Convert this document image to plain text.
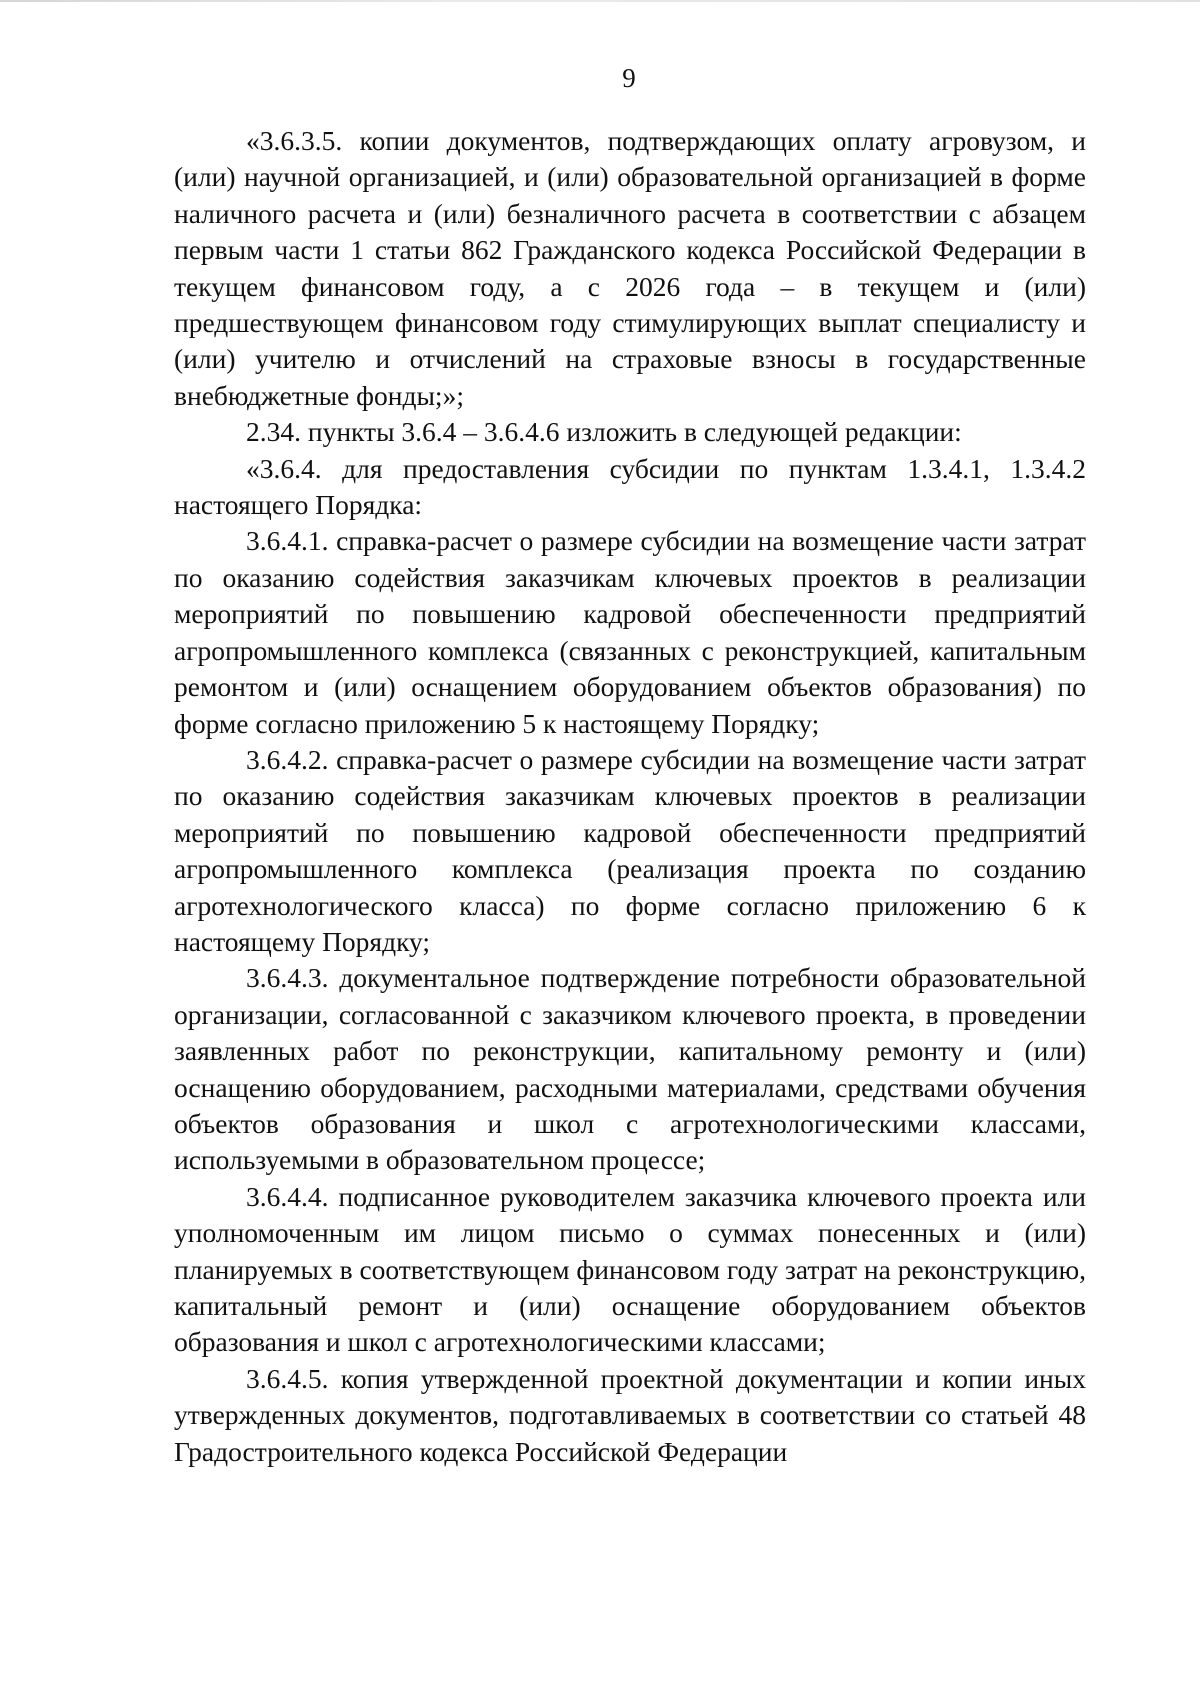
9

«3.6.3.5. копии документов, подтверждающих оплату агровузом, и (или) научной организацией, и (или) образовательной организацией в форме наличного расчета и (или) безналичного расчета в соответствии с абзацем первым части 1 статьи 862 Гражданского кодекса Российской Федерации в текущем финансовом году, а с 2026 года – в текущем и (или) предшествующем финансовом году стимулирующих выплат специалисту и (или) учителю и отчислений на страховые взносы в государственные внебюджетные фонды;»;

2.34. пункты 3.6.4 – 3.6.4.6 изложить в следующей редакции:

«3.6.4. для предоставления субсидии по пунктам 1.3.4.1, 1.3.4.2 настоящего Порядка:

3.6.4.1. справка-расчет о размере субсидии на возмещение части затрат по оказанию содействия заказчикам ключевых проектов в реализации мероприятий по повышению кадровой обеспеченности предприятий агропромышленного комплекса (связанных с реконструкцией, капитальным ремонтом и (или) оснащением оборудованием объектов образования) по форме согласно приложению 5 к настоящему Порядку;

3.6.4.2. справка-расчет о размере субсидии на возмещение части затрат по оказанию содействия заказчикам ключевых проектов в реализации мероприятий по повышению кадровой обеспеченности предприятий агропромышленного комплекса (реализация проекта по созданию агротехнологического класса) по форме согласно приложению 6 к настоящему Порядку;

3.6.4.3. документальное подтверждение потребности образовательной организации, согласованной с заказчиком ключевого проекта, в проведении заявленных работ по реконструкции, капитальному ремонту и (или) оснащению оборудованием, расходными материалами, средствами обучения объектов образования и школ с агротехнологическими классами, используемыми в образовательном процессе;

3.6.4.4. подписанное руководителем заказчика ключевого проекта или уполномоченным им лицом письмо о суммах понесенных и (или) планируемых в соответствующем финансовом году затрат на реконструкцию, капитальный ремонт и (или) оснащение оборудованием объектов образования и школ с агротехнологическими классами;

3.6.4.5. копия утвержденной проектной документации и копии иных утвержденных документов, подготавливаемых в соответствии со статьей 48 Градостроительного кодекса Российской Федерации
